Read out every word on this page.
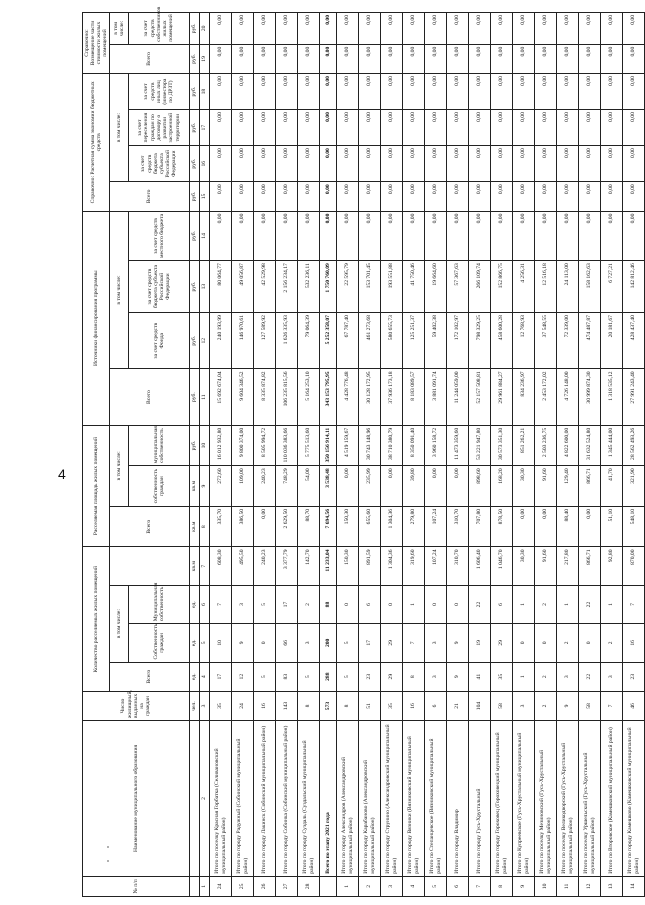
4
№ п/п	Наименование муниципального образования	Число жилищный, выданных на граждан	Количество расселяемых жилых помещений				Расселяемая площадь жилых помещений			Источники финансирования программы				Справочно: Расчетная сумма экономии бюджетных средств				Справочно: Возмещение части стоимости жилых помещений	
			Всего	в том числе:			Всего	в том числе:		Всего	в том числе:			Всего	в том числе:			Всего	в том числе:
				Собственность граждан	Муниципальная собственность			собственность граждан	муниципальная собственность		за счет средств Фонда	за счет средств бюджета субъекта Российской Федерации	за счет средств местного бюджета		за счет средств бюджета субъекта Российской Федерации	за счет переселения граждан по договору о развитии застроенной территории	за счет средств иных лиц (инвестора по ДРЗТ)		за счет средств собственников жилых помещений
		чел.	ед.	ед.	ед.	кв.м	кв.м	кв.м	руб.	руб.	руб.	руб.	руб.	руб.	руб.	руб.	руб.	руб.	руб.
1	2	3	4	5	6	7	8	9	10	11	12	13	14	15	16	17	18	19	20
24	Итого по поселку Красная Горбатка (Селивановский муниципальный район)	35	17	10	7	608,30	335,70	272,60	16 012 932,80	15 692 674,04	240 193,99	80 064,77	0,00	0,00	0,00	0,00	0,00	0,00	0,00
25	Итого по городу Радужный (Собинский муниципальный район)	24	12	9	3	495,50	386,50	109,00	9 800 374,00	9 604 346,52	146 970,61	49 056,87	0,00	0,00	0,00	0,00	0,00	0,00	0,00
26	Итого по городу Лакинск (Собинский муниципальный район)	16	5	0	5	240,23	0,00	240,23	8 505 994,72	8 335 874,82	127 589,92	42 529,98	0,00	0,00	0,00	0,00	0,00	0,00	0,00
27	Итого по городу Собинка (Собинский муниципальный район)	143	83	66	17	3 377,79	2 629,50	748,29	110 036 383,66	106 235 815,56	1 626 335,93	2 156 234,17	0,00	0,00	0,00	0,00	0,00	0,00	0,00
28	Итого по городу Суздаль (Суздальский муниципальный район)	8	5	3	2	142,70	88,70	54,00	5 775 513,60	5 164 253,10	79 064,39	532 236,11	0,00	0,00	0,00	0,00	0,00	0,00	0,00
	Всего по этапу 2021 года	573	288	200	88	11 233,04	7 694,56	3 538,48	350 156 914,11	343 153 795,95	5 252 358,07	1 750 760,09	0,00	0,00	0,00	0,00	0,00	0,00	0,00
1	Итого по городу Александров (Александровский муниципальный район)	8	5	5	0	150,30	150,30	0,00	4 519 159,67	4 428 776,48	67 787,40	22 595,79	0,00	0,00	0,00	0,00	0,00	0,00	0,00
2	Итого по городу Карабаново (Александровский муниципальный район)	51	23	17	6	891,59	655,60	235,99	30 743 148,96	30 128 172,95	461 273,68	153 701,45	0,00	0,00	0,00	0,00	0,00	0,00	0,00
3	Итого по городу Струнино (Александровский муниципальный район)	35	29	29	0	1 304,36	1 304,36	0,00	38 710 380,79	37 936 173,18	580 655,73	193 551,88	0,00	0,00	0,00	0,00	0,00	0,00	0,00
4	Итого по городу Вязники (Вязниковский муниципальный район)	16	8	7	1	319,60	279,80	39,80	8 350 091,40	8 183 089,57	125 251,37	41 750,46	0,00	0,00	0,00	0,00	0,00	0,00	0,00
5	Итого по Степанцевское (Вязниковский муниципальный район)	6	3	3	0	107,24	107,24	0,00	3 960 158,72	3 881 091,74	59 402,38	19 664,60	0,00	0,00	0,00	0,00	0,00	0,00	0,00
6	Итого по городу Владимир	21	9	9	0	310,70	310,70	0,00	11 473 359,60	11 244 059,00	172 102,97	57 367,63	0,00	0,00	0,00	0,00	0,00	0,00	0,00
7	Итого по городу Гусь-Хрустальный	104	41	19	22	1 606,40	707,80	898,60	53 221 947,80	52 157 508,81	798 329,25	266 109,74	0,00	0,00	0,00	0,00	0,00	0,00	0,00
8	Итого по городу Гороховец (Гороховецкий муниципальный район)	58	35	29	6	1 046,70	878,50	168,20	30 573 351,30	29 961 884,27	458 600,28	152 866,75	0,00	0,00	0,00	0,00	0,00	0,00	0,00
9	Итого по Купреевское (Гусь-Хрустальный муниципальный район)	3	1	0	1	30,30	0,00	30,30	851 262,21	834 236,97	12 768,93	4 256,31	0,00	0,00	0,00	0,00	0,00	0,00	0,00
10	Итого по поселку Мезиновский (Гусь-Хрустальный муниципальный район)	2	2	0	2	91,60	0,00	91,60	2 503 236,75	2 453 172,02	37 548,55	12 516,18	0,00	0,00	0,00	0,00	0,00	0,00	0,00
11	Итого по поселку Великодворский (Гусь-Хрустальный муниципальный район)	9	3	2	1	217,80	88,40	129,40	4 822 600,00	4 726 148,00	72 339,00	24 113,00	0,00	0,00	0,00	0,00	0,00	0,00	0,00
12	Итого по поселку Уршельский (Гусь-Хрустальный муниципальный район)	58	22	0	22	866,71	0,00	866,71	31 632 524,80	30 999 874,30	474 487,87	158 162,63	0,00	0,00	0,00	0,00	0,00	0,00	0,00
13	Итого по Второвское (Камешковский муниципальный район)	7	3	2	1	92,80	51,10	41,70	1 345 444,00	1 318 535,12	20 181,67	6 727,21	0,00	0,00	0,00	0,00	0,00	0,00	0,00
14	Итого по городу Камешково (Камешковский муниципальный район)	46	23	16	7	870,00	548,10	321,90	28 562 493,26	27 991 243,40	428 437,40	142 812,46	0,00	0,00	0,00	0,00	0,00	0,00	0,00
